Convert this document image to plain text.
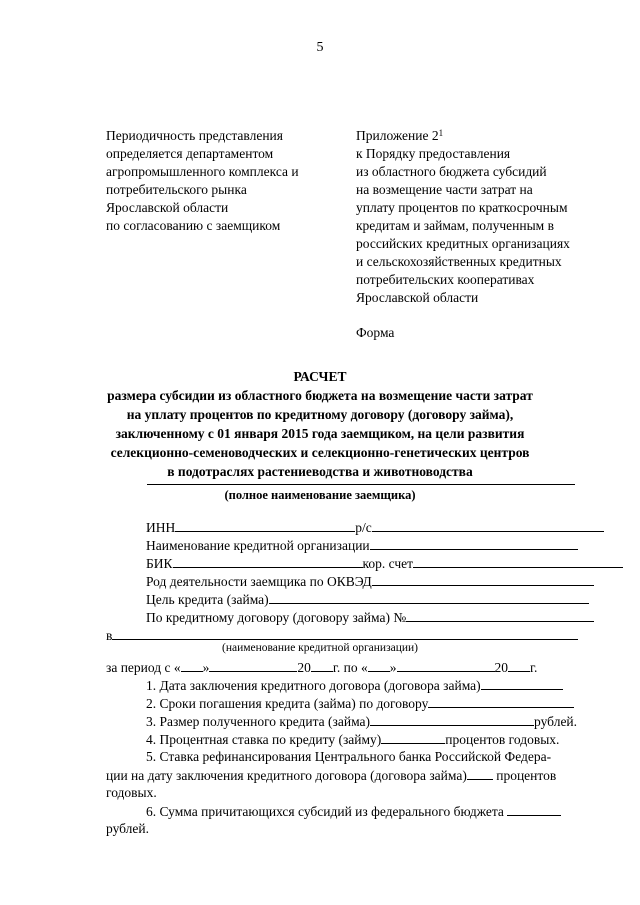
5
Периодичность представления
определяется департаментом
агропромышленного комплекса и
потребительского рынка
Ярославской области
по согласованию с заемщиком
Приложение $2^1$
к Порядку предоставления
из областного бюджета субсидий
на возмещение части затрат на
уплату процентов по краткосрочным
кредитам и займам, полученным в
российских кредитных организациях
и сельскохозяйственных кредитных
потребительских кооперативах
Ярославской области
Форма
РАСЧЕТ
размера субсидии из областного бюджета на возмещение части затрат
на уплату процентов по кредитному договору (договору займа),
заключенному с 01 января 2015 года заемщиком, на цели развития
селекционно-семеноводческих и селекционно-генетических центров
в подотраслях растениеводства и животноводства
(полное наименование заемщика)
ИНН	р/с
Наименование кредитной организации
БИК	кор. счет
Род деятельности заемщика по ОКВЭД
Цель кредита (займа)
По кредитному договору (договору займа) №
в
(наименование кредитной организации)
за период с « »	20 г. по « »	20 г.
1. Дата заключения кредитного договора (договора займа)
2. Сроки погашения кредита (займа) по договору
3. Размер полученного кредита (займа)	рублей.
4. Процентная ставка по кредиту (займу)	процентов годовых.
5. Ставка рефинансирования Центрального банка Российской Федера-
ции на дату заключения кредитного договора (договора займа) процентов
годовых.
6. Сумма причитающихся субсидий из федерального бюджета
рублей.
